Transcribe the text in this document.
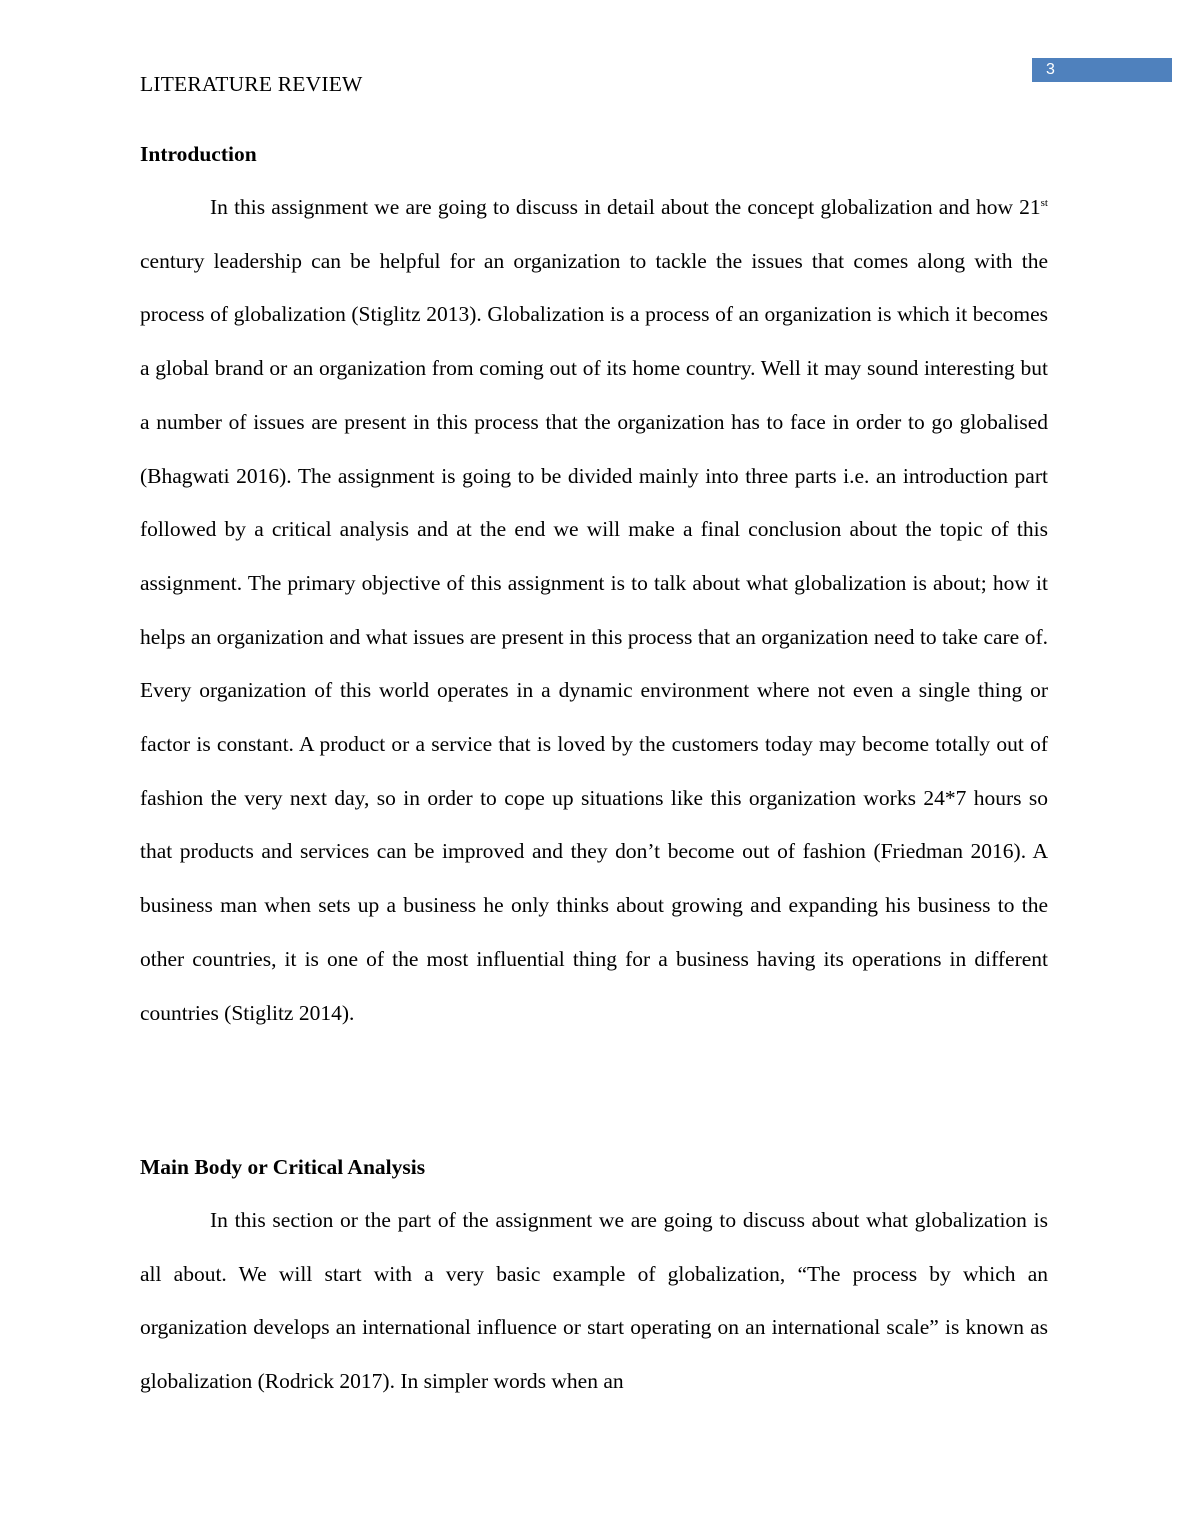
3
LITERATURE REVIEW
Introduction

In this assignment we are going to discuss in detail about the concept globalization and how 21st century leadership can be helpful for an organization to tackle the issues that comes along with the process of globalization (Stiglitz 2013). Globalization is a process of an organization is which it becomes a global brand or an organization from coming out of its home country. Well it may sound interesting but a number of issues are present in this process that the organization has to face in order to go globalised (Bhagwati 2016). The assignment is going to be divided mainly into three parts i.e. an introduction part followed by a critical analysis and at the end we will make a final conclusion about the topic of this assignment. The primary objective of this assignment is to talk about what globalization is about; how it helps an organization and what issues are present in this process that an organization need to take care of. Every organization of this world operates in a dynamic environment where not even a single thing or factor is constant. A product or a service that is loved by the customers today may become totally out of fashion the very next day, so in order to cope up situations like this organization works 24*7 hours so that products and services can be improved and they don’t become out of fashion (Friedman 2016). A business man when sets up a business he only thinks about growing and expanding his business to the other countries, it is one of the most influential thing for a business having its operations in different countries (Stiglitz 2014).

Main Body or Critical Analysis

In this section or the part of the assignment we are going to discuss about what globalization is all about. We will start with a very basic example of globalization, “The process by which an organization develops an international influence or start operating on an international scale” is known as globalization (Rodrick 2017). In simpler words when an
